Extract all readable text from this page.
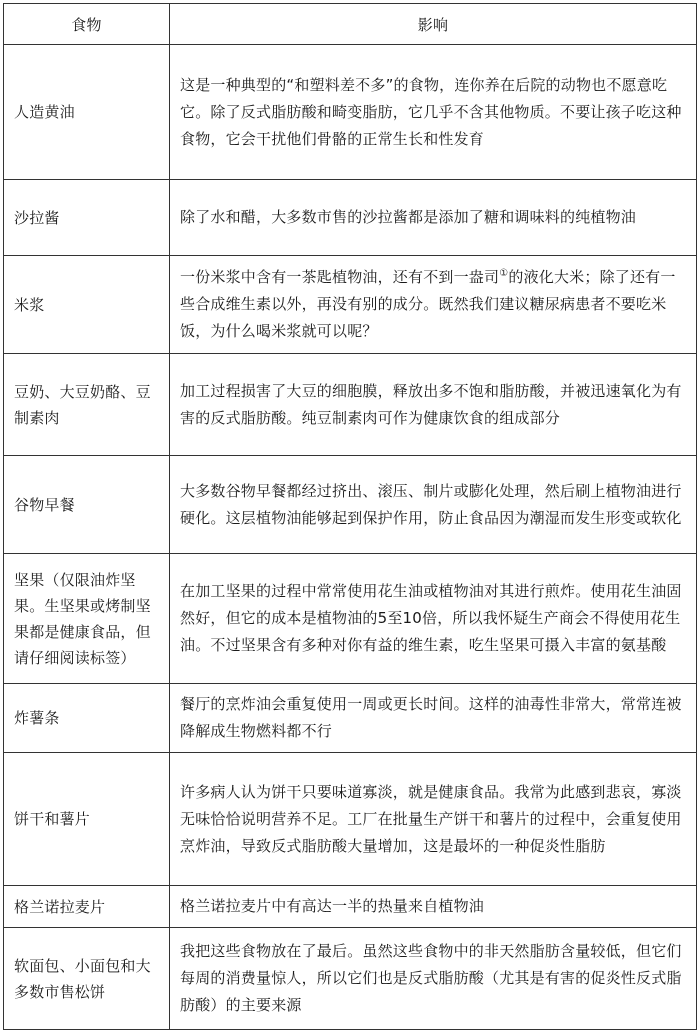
食物	影响
人造黄油	这是一种典型的“和塑料差不多”的食物，连你养在后院的动物也不愿意吃它。除了反式脂肪酸和畸变脂肪，它几乎不含其他物质。不要让孩子吃这种食物，它会干扰他们骨骼的正常生长和性发育
沙拉酱	除了水和醋，大多数市售的沙拉酱都是添加了糖和调味料的纯植物油
米浆	一份米浆中含有一茶匙植物油，还有不到一盎司①的液化大米；除了还有一些合成维生素以外，再没有别的成分。既然我们建议糖尿病患者不要吃米饭，为什么喝米浆就可以呢？
豆奶、大豆奶酪、豆制素肉	加工过程损害了大豆的细胞膜，释放出多不饱和脂肪酸，并被迅速氧化为有害的反式脂肪酸。纯豆制素肉可作为健康饮食的组成部分
谷物早餐	大多数谷物早餐都经过挤出、滚压、制片或膨化处理，然后刷上植物油进行硬化。这层植物油能够起到保护作用，防止食品因为潮湿而发生形变或软化
坚果（仅限油炸坚果。生坚果或烤制坚果都是健康食品，但请仔细阅读标签）	在加工坚果的过程中常常使用花生油或植物油对其进行煎炸。使用花生油固然好，但它的成本是植物油的5至10倍，所以我怀疑生产商会不得使用花生油。不过坚果含有多种对你有益的维生素，吃生坚果可摄入丰富的氨基酸
炸薯条	餐厅的烹炸油会重复使用一周或更长时间。这样的油毒性非常大，常常连被降解成生物燃料都不行
饼干和薯片	许多病人认为饼干只要味道寡淡，就是健康食品。我常为此感到悲哀，寡淡无味恰恰说明营养不足。工厂在批量生产饼干和薯片的过程中，会重复使用烹炸油，导致反式脂肪酸大量增加，这是最坏的一种促炎性脂肪
格兰诺拉麦片	格兰诺拉麦片中有高达一半的热量来自植物油
软面包、小面包和大多数市售松饼	我把这些食物放在了最后。虽然这些食物中的非天然脂肪含量较低，但它们每周的消费量惊人，所以它们也是反式脂肪酸（尤其是有害的促炎性反式脂肪酸）的主要来源
